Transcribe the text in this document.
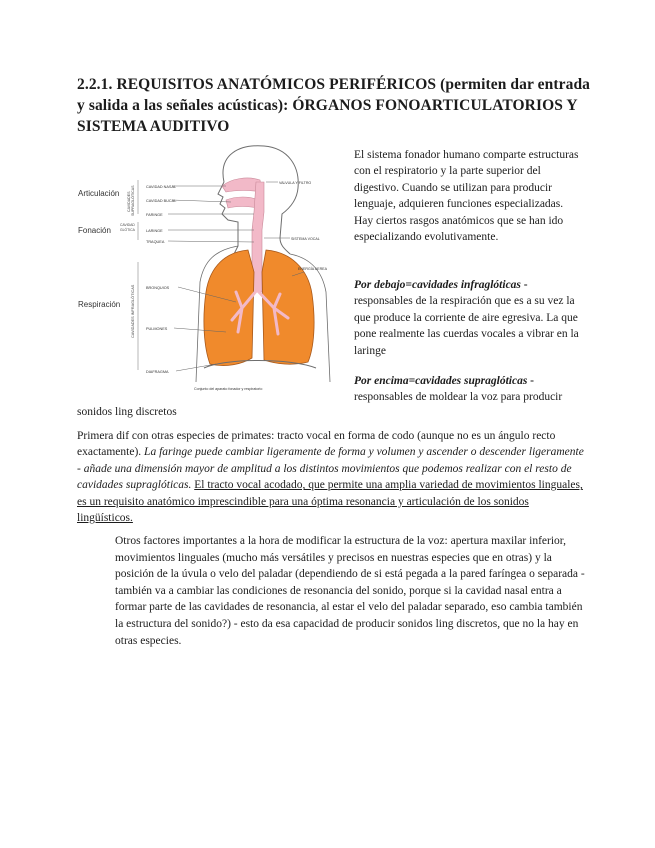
2.2.1. REQUISITOS ANATÓMICOS PERIFÉRICOS (permiten dar entrada
y salida a las señales acústicas): ÓRGANOS FONOARTICULATORIOS Y
SISTEMA AUDITIVO
Articulación
Fonación
Respiración
CAVIDADES SUPRAGLÓTICAS
CAVIDAD
GLÓTICA
CAVIDADES INFRAGLÓTICAS
CAVIDAD NASAL
CAVIDAD BUCAL
FARINGE
LARINGE
TRAQUEA
BRONQUIOS
PULMONES
DIAFRAGMA
VALVULA Y FILTRO
SISTEMA VOCAL
ENERGÍA AEREA
Conjunto del aparato fonador y respiratorio

El sistema fonador humano comparte estructuras con el respiratorio y la parte superior del digestivo. Cuando se utilizan para producir lenguaje, adquieren funciones especializadas. Hay ciertos rasgos anatómicos que se han ido especializando evolutivamente.

Por debajo=cavidades infraglóticas - responsables de la respiración que es a su vez la que produce la corriente de aire egresiva. La que pone realmente las cuerdas vocales a vibrar en la laringe

Por encima=cavidades supraglóticas - responsables de moldear la voz para producir

sonidos ling discretos

Primera dif con otras especies de primates: tracto vocal en forma de codo (aunque no es un ángulo recto exactamente). La faringe puede cambiar ligeramente de forma y volumen y ascender o descender ligeramente - añade una dimensión mayor de amplitud a los distintos movimientos que podemos realizar con el resto de cavidades supraglóticas. El tracto vocal acodado, que permite una amplia variedad de movimientos linguales, es un requisito anatómico imprescindible para una óptima resonancia y articulación de los sonidos lingüísticos.

Otros factores importantes a la hora de modificar la estructura de la voz: apertura maxilar inferior, movimientos linguales (mucho más versátiles y precisos en nuestras especies que en otras) y la posición de la úvula o velo del paladar (dependiendo de si está pegada a la pared faríngea o separada - también va a cambiar las condiciones de resonancia del sonido, porque si la cavidad nasal entra a formar parte de las cavidades de resonancia, al estar el velo del paladar separado, eso cambia también la estructura del sonido?) - esto da esa capacidad de producir sonidos ling discretos, que no la hay en otras especies.
